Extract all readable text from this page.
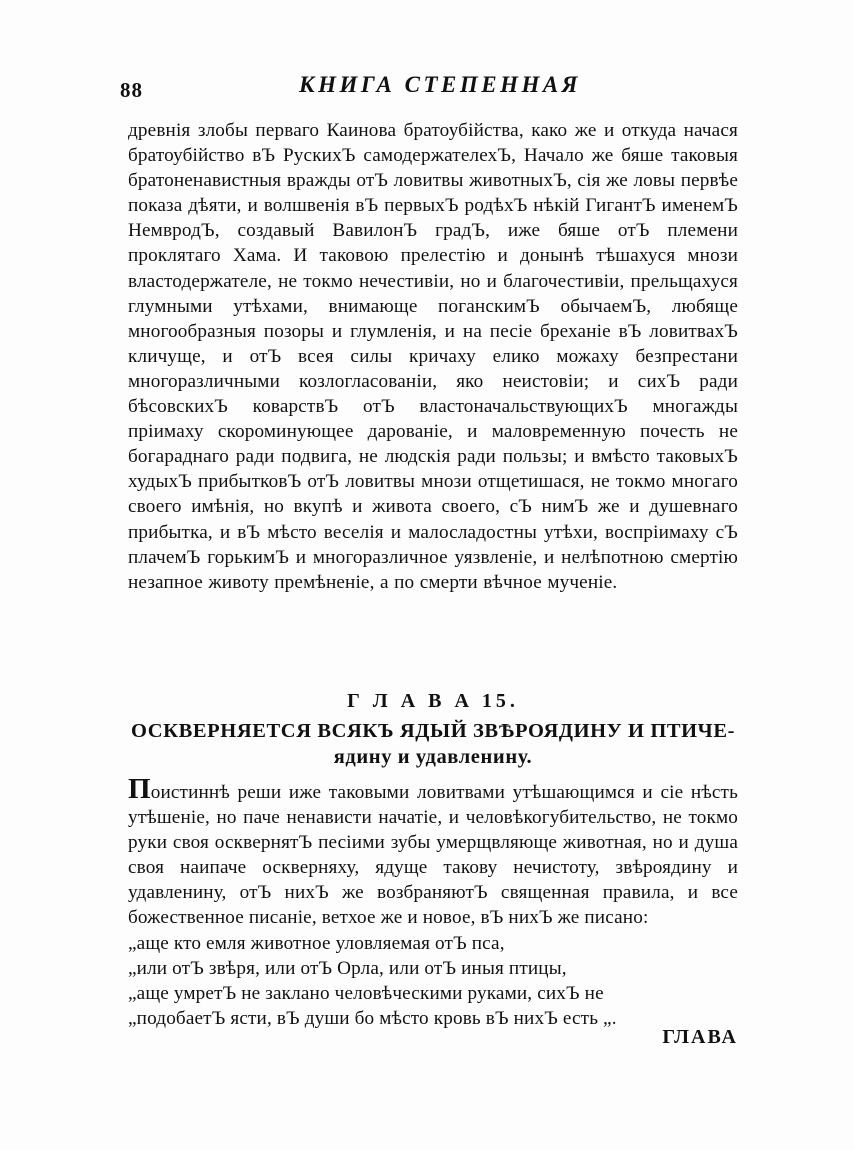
88	КНИГА СТЕПЕННАЯ

древнія злобы перваго Каинова братоубійства, како же и откуда начася братоубійство вЪ РускихЪ самодержателехЪ, Начало же бяше таковыя братоненавистныя вражды отЪ ловитвы животныхЪ, сія же ловы первѣе показа дѣяти, и волшвенія вЪ первыхЪ родѣхЪ нѣкій ГигантЪ именемЪ НемвродЪ, создавый ВавилонЪ градЪ, иже бяше отЪ племени проклятаго Хама. И таковою прелестію и донынѣ тѣшахуся мнози властодержателе, не токмо нечестивіи, но и благочестивіи, прельщахуся глумными утѣхами, внимающе поганскимЪ обычаемЪ, любяще многообразныя позоры и глумленія, и на песіе бреханіе вЪ ловитвахЪ кличуще, и отЪ всея силы кричаху елико можаху безпрестани многоразличными козлогласованіи, яко неистовіи; и сихЪ ради бѣсовскихЪ коварствЪ отЪ властоначальствующихЪ многажды пріимаху скороминующее дарованіе, и маловременную почесть не богараднаго ради подвига, не людскія ради пользы; и вмѣсто таковыхЪ худыхЪ прибытковЪ отЪ ловитвы мнози отщетишася, не токмо многаго своего имѣнія, но вкупѣ и живота своего, сЪ нимЪ же и душевнаго прибытка, и вЪ мѣсто веселія и малосладостны утѣхи, воспріимаху сЪ плачемЪ горькимЪ и многоразличное уязвленіе, и нелѣпотною смертію незапное животу премѣненіе, а по смерти вѣчное мученіе.

Г Л А В А 15.
ОСКВЕРНЯЕТСЯ ВСЯКЪ ЯДЫЙ ЗВѢРОЯДИНУ И ПТИЧЕ-
ядину и удавленину.

Поистиннѣ реши иже таковыми ловитвами утѣшающимся и сіе нѣсть утѣшеніе, но паче ненависти начатіе, и человѣкогубительство, не токмо руки своя осквернятЪ песіими зубы умерщвляюще животная, но и душа своя наипаче оскверняху, ядуще такову нечистоту, звѣроядину и удавленину, отЪ нихЪ же возбраняютЪ священная правила, и все божественное писаніе, ветхое же и новое, вЪ нихЪ же писано:

„аще кто емля животное уловляемая отЪ пса,
„или отЪ звѣря, или отЪ Орла, или отЪ иныя птицы,
„аще умретЪ не заклано человѣческими руками, сихЪ не
„подобаетЪ ясти, вЪ души бо мѣсто кровь вЪ нихЪ есть „.
ГЛАВА
